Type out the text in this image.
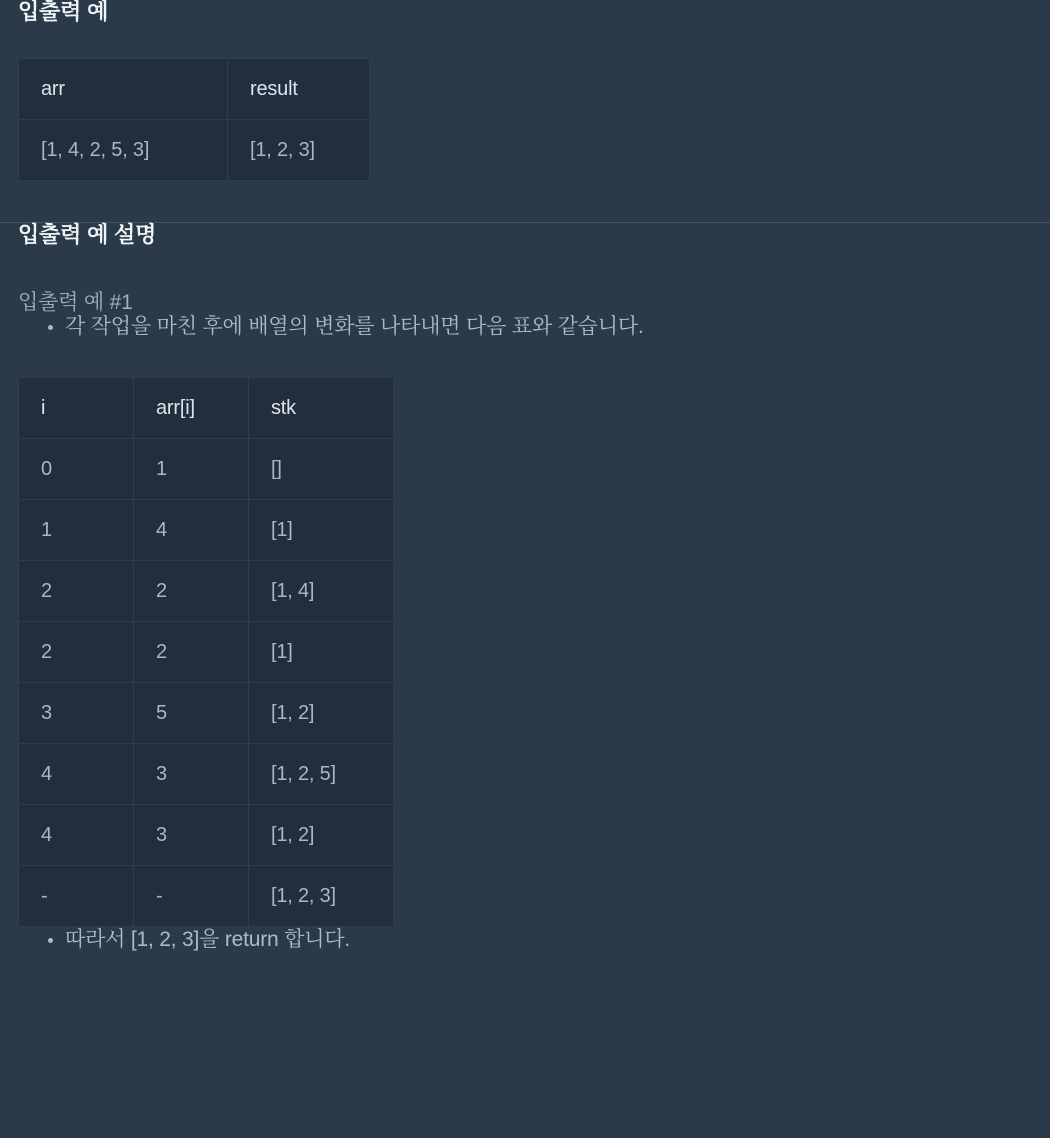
입출력 예
arr	result
[1, 4, 2, 5, 3]	[1, 2, 3]
입출력 예 설명
입출력 예 #1
• 각 작업을 마친 후에 배열의 변화를 나타내면 다음 표와 같습니다.
i	arr[i]	stk
0	1	[]
1	4	[1]
2	2	[1, 4]
2	2	[1]
3	5	[1, 2]
4	3	[1, 2, 5]
4	3	[1, 2]
-	-	[1, 2, 3]
• 따라서 [1, 2, 3]을 return 합니다.
